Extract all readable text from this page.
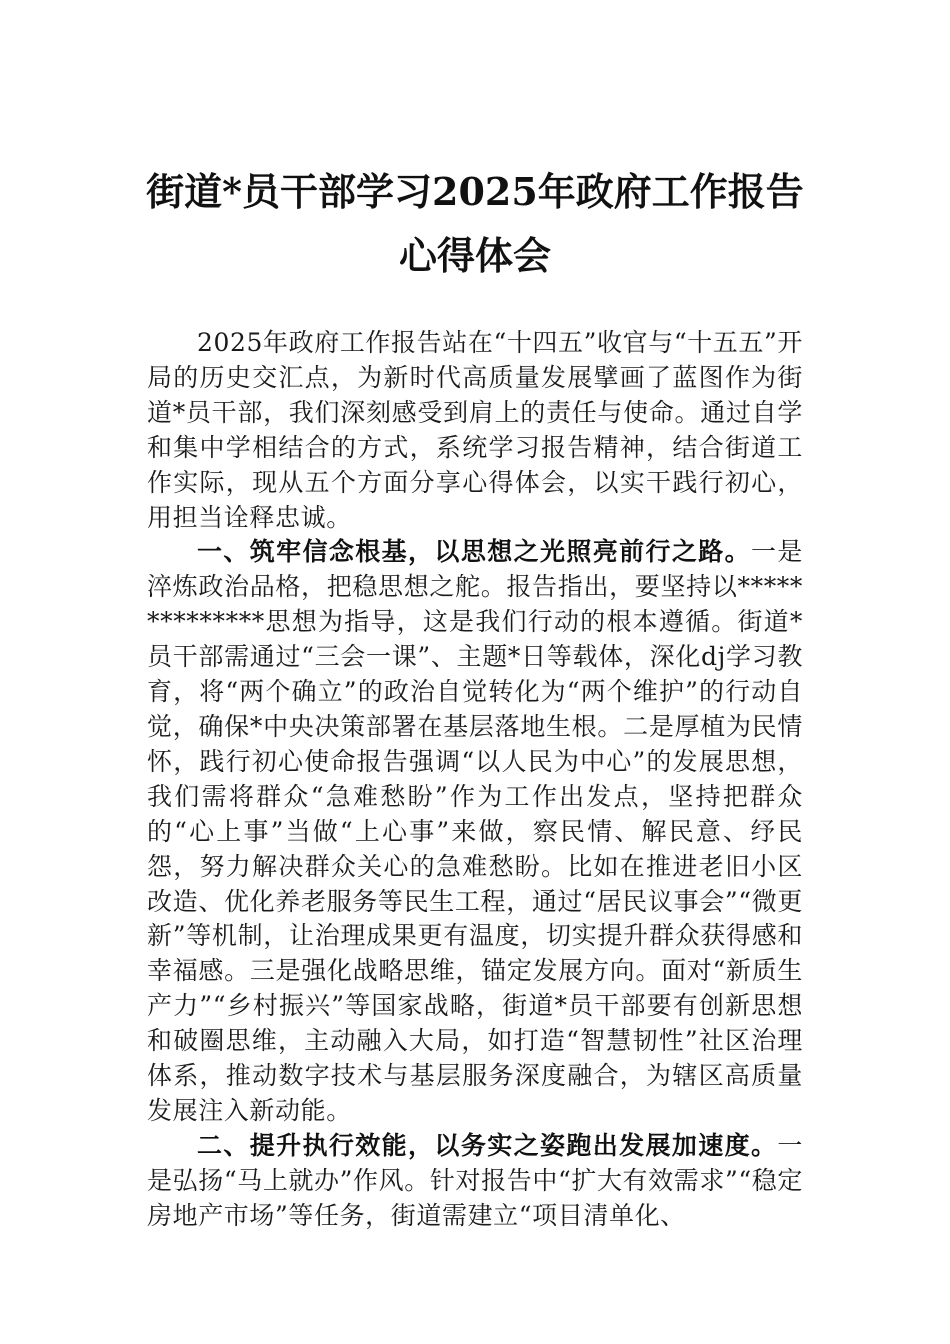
街道*员干部学习2025年政府工作报告心得体会

2025年政府工作报告站在“十四五”收官与“十五五”开局的历史交汇点，为新时代高质量发展擘画了蓝图作为街道*员干部，我们深刻感受到肩上的责任与使命。通过自学和集中学相结合的方式，系统学习报告精神，结合街道工作实际，现从五个方面分享心得体会，以实干践行初心，用担当诠释忠诚。

一、筑牢信念根基，以思想之光照亮前行之路。一是淬炼政治品格，把稳思想之舵。报告指出，要坚持以**************思想为指导，这是我们行动的根本遵循。街道*员干部需通过“三会一课”、主题*日等载体，深化dj学习教育，将“两个确立”的政治自觉转化为“两个维护”的行动自觉，确保*中央决策部署在基层落地生根。二是厚植为民情怀，践行初心使命报告强调“以人民为中心”的发展思想，我们需将群众“急难愁盼”作为工作出发点，坚持把群众的“心上事”当做“上心事”来做，察民情、解民意、纾民怨，努力解决群众关心的急难愁盼。比如在推进老旧小区改造、优化养老服务等民生工程，通过“居民议事会”“微更新”等机制，让治理成果更有温度，切实提升群众获得感和幸福感。三是强化战略思维，锚定发展方向。面对“新质生产力”“乡村振兴”等国家战略，街道*员干部要有创新思想和破圈思维，主动融入大局，如打造“智慧韧性”社区治理体系，推动数字技术与基层服务深度融合，为辖区高质量发展注入新动能。

二、提升执行效能，以务实之姿跑出发展加速度。一是弘扬“马上就办”作风。针对报告中“扩大有效需求”“稳定房地产市场”等任务，街道需建立“项目清单化、
